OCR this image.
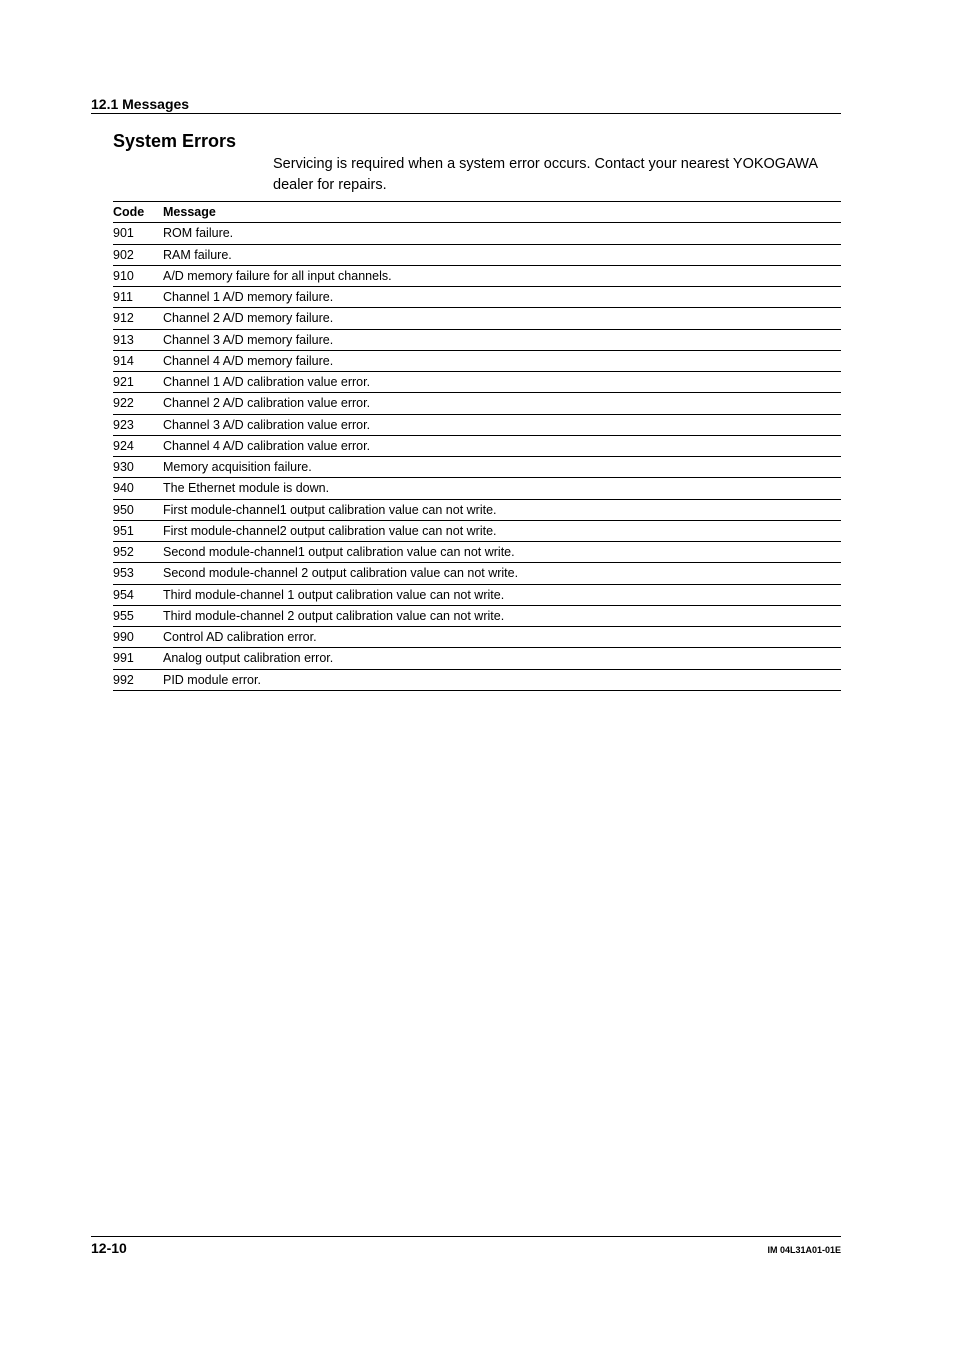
12.1 Messages
System Errors
Servicing is required when a system error occurs. Contact your nearest YOKOGAWA dealer for repairs.
Code	Message
901	ROM failure.
902	RAM failure.
910	A/D memory failure for all input channels.
911	Channel 1 A/D memory failure.
912	Channel 2 A/D memory failure.
913	Channel 3 A/D memory failure.
914	Channel 4 A/D memory failure.
921	Channel 1 A/D calibration value error.
922	Channel 2 A/D calibration value error.
923	Channel 3 A/D calibration value error.
924	Channel 4 A/D calibration value error.
930	Memory acquisition failure.
940	The Ethernet module is down.
950	First module-channel1 output calibration value can not write.
951	First module-channel2 output calibration value can not write.
952	Second module-channel1 output calibration value can not write.
953	Second module-channel 2 output calibration value can not write.
954	Third module-channel 1 output calibration value can not write.
955	Third module-channel 2 output calibration value can not write.
990	Control AD calibration error.
991	Analog output calibration error.
992	PID module error.
12-10	IM 04L31A01-01E
